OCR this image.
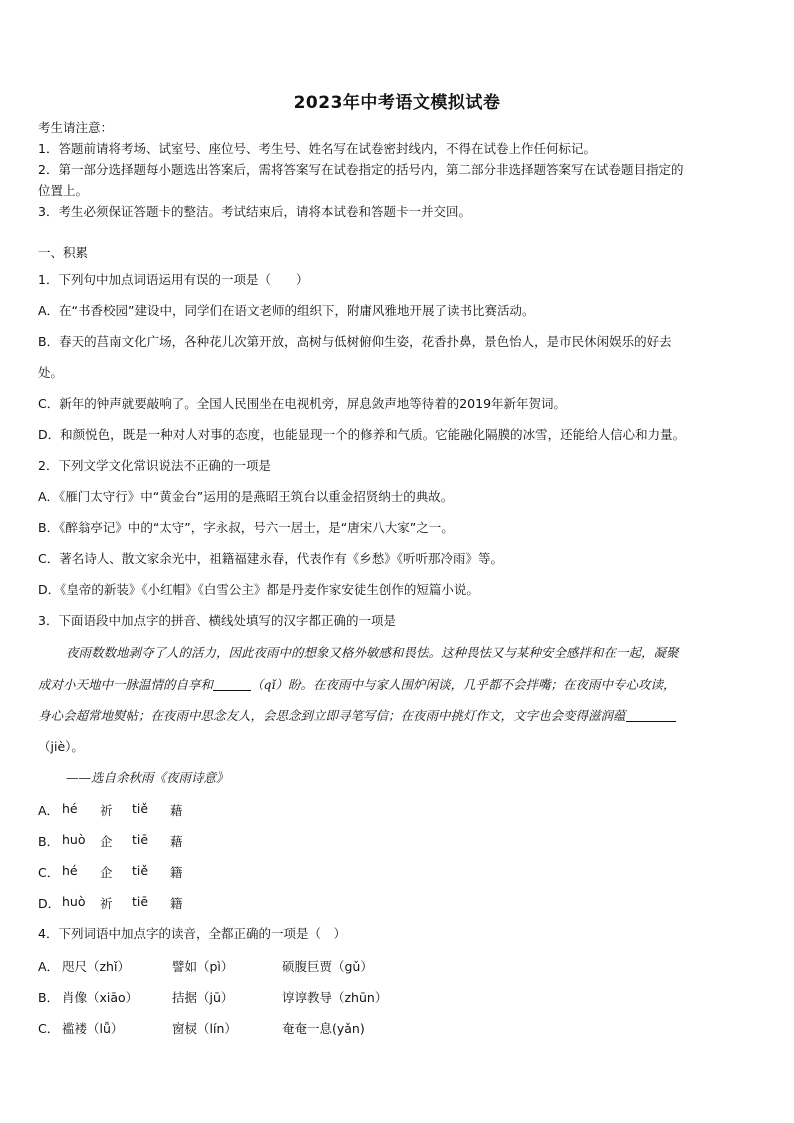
2023年中考语文模拟试卷
考生请注意：
1．答题前请将考场、试室号、座位号、考生号、姓名写在试卷密封线内，不得在试卷上作任何标记。
2．第一部分选择题每小题选出答案后，需将答案写在试卷指定的括号内，第二部分非选择题答案写在试卷题目指定的
位置上。
3．考生必须保证答题卡的整洁。考试结束后，请将本试卷和答题卡一并交回。
一、积累
1．下列句中加点词语运用有误的一项是（　　）
A．在“书香校园”建设中，同学们在语文老师的组织下，附庸风雅地开展了读书比赛活动。
B．春天的莒南文化广场，各种花儿次第开放，高树与低树俯仰生姿，花香扑鼻，景色怡人，是市民休闲娱乐的好去
处。
C．新年的钟声就要敲响了。全国人民围坐在电视机旁，屏息敛声地等待着的2019年新年贺词。
D．和颜悦色，既是一种对人对事的态度，也能显现一个的修养和气质。它能融化隔膜的冰雪，还能给人信心和力量。
2．下列文学文化常识说法不正确的一项是
A．《雁门太守行》中“黄金台”运用的是燕昭王筑台以重金招贤纳士的典故。
B．《醉翁亭记》中的“太守”，字永叔，号六一居士，是“唐宋八大家”之一。
C．著名诗人、散文家余光中，祖籍福建永春，代表作有《乡愁》《听听那冷雨》等。
D．《皇帝的新装》《小红帽》《白雪公主》都是丹麦作家安徒生创作的短篇小说。
3．下面语段中加点字的拼音、横线处填写的汉字都正确的一项是
夜雨数数地剥夺了人的活力，因此夜雨中的想象又格外敏感和畏怯。这种畏怯又与某种安全感拌和在一起，凝聚
成对小天地中一脉温情的自享和	（qǐ）盼。在夜雨中与家人围炉闲谈，几乎都不会拌嘴；在夜雨中专心攻读，
身心会超常地熨帖；在夜雨中思念友人，会思念到立即寻笔写信；在夜雨中挑灯作文，文字也会变得滋润蕴
（jiè）。
——选自余秋雨《夜雨诗意》
A． hé 祈 tiě 藉
B． huò 企 tiē 藉
C． hé 企 tiě 籍
D． huò 祈 tiē 籍
4．下列词语中加点字的读音，全都正确的一项是（　）
A． 咫尺（zhǐ）	譬如（pì）	硕腹巨贾（gǔ）
B． 肖像（xiāo）	拮据（jū）	谆谆教导（zhūn）
C． 褴褛（lǚ）	窗棂（lín）	奄奄一息(yǎn)
